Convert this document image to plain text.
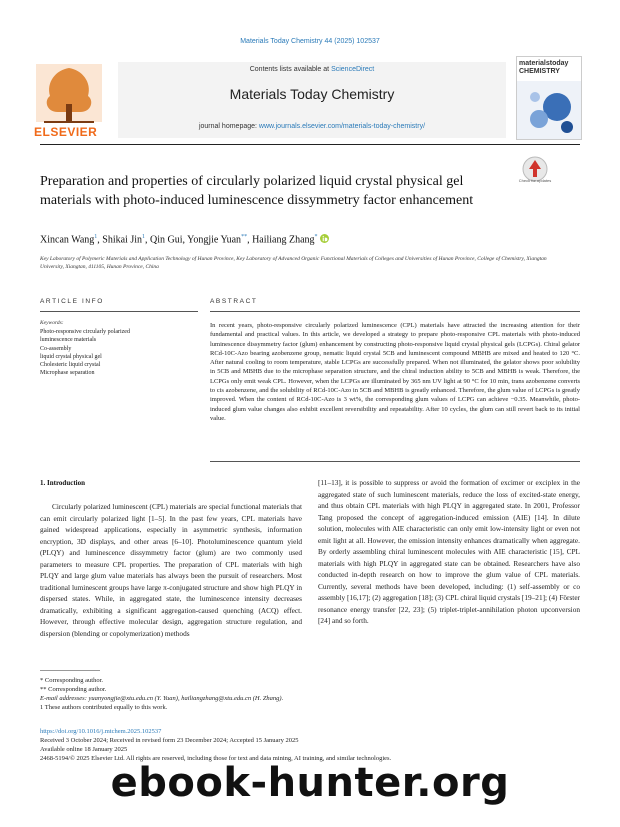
Materials Today Chemistry 44 (2025) 102537
ELSEVIER
Contents lists available at ScienceDirect
Materials Today Chemistry
journal homepage: www.journals.elsevier.com/materials-today-chemistry/
materialstoday CHEMISTRY
Preparation and properties of circularly polarized liquid crystal physical gel materials with photo-induced luminescence dissymmetry factor enhancement
Check for updates
Xincan Wang$^1$, Shikai Jin$^1$, Qin Gui, Yongjie Yuan**, Hailiang Zhang*
Key Laboratory of Polymeric Materials and Application Technology of Hunan Province, Key Laboratory of Advanced Organic Functional Materials of Colleges and Universities of Hunan Province, College of Chemistry, Xiangtan University, Xiangtan, 411105, Hunan Province, China
ARTICLE INFO	ABSTRACT
Keywords:
Photo-responsive circularly polarized
luminescence materials
Co-assembly
liquid crystal physical gel
Cholesteric liquid crystal
Microphase separation
In recent years, photo-responsive circularly polarized luminescence (CPL) materials have attracted the increasing attention for their fundamental and practical values. In this article, we developed a strategy to prepare photo-responsive CPL materials with photo-induced luminescence dissymmetry factor (glum) enhancement by constructing photo-responsive liquid crystal physical gels (LCPGs). Chiral gelator RCd-10C-Azo bearing azobenzene group, nematic liquid crystal 5CB and luminescent compound MBHB are mixed and heated to 120 °C. After natural cooling to room temperature, stable LCPGs are successfully prepared. When not illuminated, the gelator shows poor solubility in 5CB and MBHB due to the microphase separation structure, and the chiral induction ability to 5CB and MBHB is weak. Therefore, the LCPGs only emit weak CPL. However, when the LCPGs are illuminated by 365 nm UV light at 90 °C for 10 min, trans azobenzene converts to cis azobenzene, and the solubility of RCd-10C-Azo in 5CB and MBHB is greatly enhanced. Therefore, the glum value of LCPGs is greatly improved. When the content of RCd-10C-Azo is 3 wt%, the corresponding glum values of LCPG can achieve −0.35. Meanwhile, photo-induced glum value changes also exhibit excellent reversibility and repeatability. After 10 cycles, the glum can still revert back to its initial value.
1. Introduction
Circularly polarized luminescent (CPL) materials are special functional materials that can emit circularly polarized light [1–5]. In the past few years, CPL materials have gained widespread applications, especially in asymmetric synthesis, information encryption, 3D displays, and other areas [6–10]. Photoluminescence quantum yield (PLQY) and luminescence dissymmetry factor (glum) are two commonly used parameters to measure CPL properties. The preparation of CPL materials with high PLQY and large glum value materials has always been the pursuit of researchers. Most traditional luminescent groups have large π-conjugated structure and show high PLQY in dispersed states. While, in aggregated state, the luminescence intensity decreases dramatically, exhibiting a significant aggregation-caused quenching (ACQ) effect. However, through effective molecular design, aggregation structure regulation, and dispersion (blending or copolymerization) methods
[11–13], it is possible to suppress or avoid the formation of excimer or exciplex in the aggregated state of such luminescent materials, reduce the loss of excited-state energy, and thus obtain CPL materials with high PLQY in aggregated state. In 2001, Professor Tang proposed the concept of aggregation-induced emission (AIE) [14]. In dilute solution, molecules with AIE characteristic can only emit low-intensity light or even not emit light at all. However, the emission intensity enhances dramatically when aggregate. By orderly assembling chiral luminescent molecules with AIE characteristic [15], CPL materials with high PLQY in aggregated state can be obtained. Researchers have also conducted in-depth research on how to improve the glum value of CPL materials. Currently, several methods have been developed, including: (1) self-assembly or co assembly [16,17]; (2) aggregation [18]; (3) CPL chiral liquid crystals [19–21]; (4) Förster resonance energy transfer [22, 23]; (5) triplet-triplet-annihilation photon upconversion [24] and so forth.
* Corresponding author.
** Corresponding author.
E-mail addresses: yuanyongjie@xtu.edu.cn (Y. Yuan), hailiangzhang@xtu.edu.cn (H. Zhang).
1 These authors contributed equally to this work.
https://doi.org/10.1016/j.mtchem.2025.102537
Received 3 October 2024; Received in revised form 23 December 2024; Accepted 15 January 2025
Available online 18 January 2025
2468-5194/© 2025 Elsevier Ltd. All rights are reserved, including those for text and data mining, AI training, and similar technologies.
ebook-hunter.org
